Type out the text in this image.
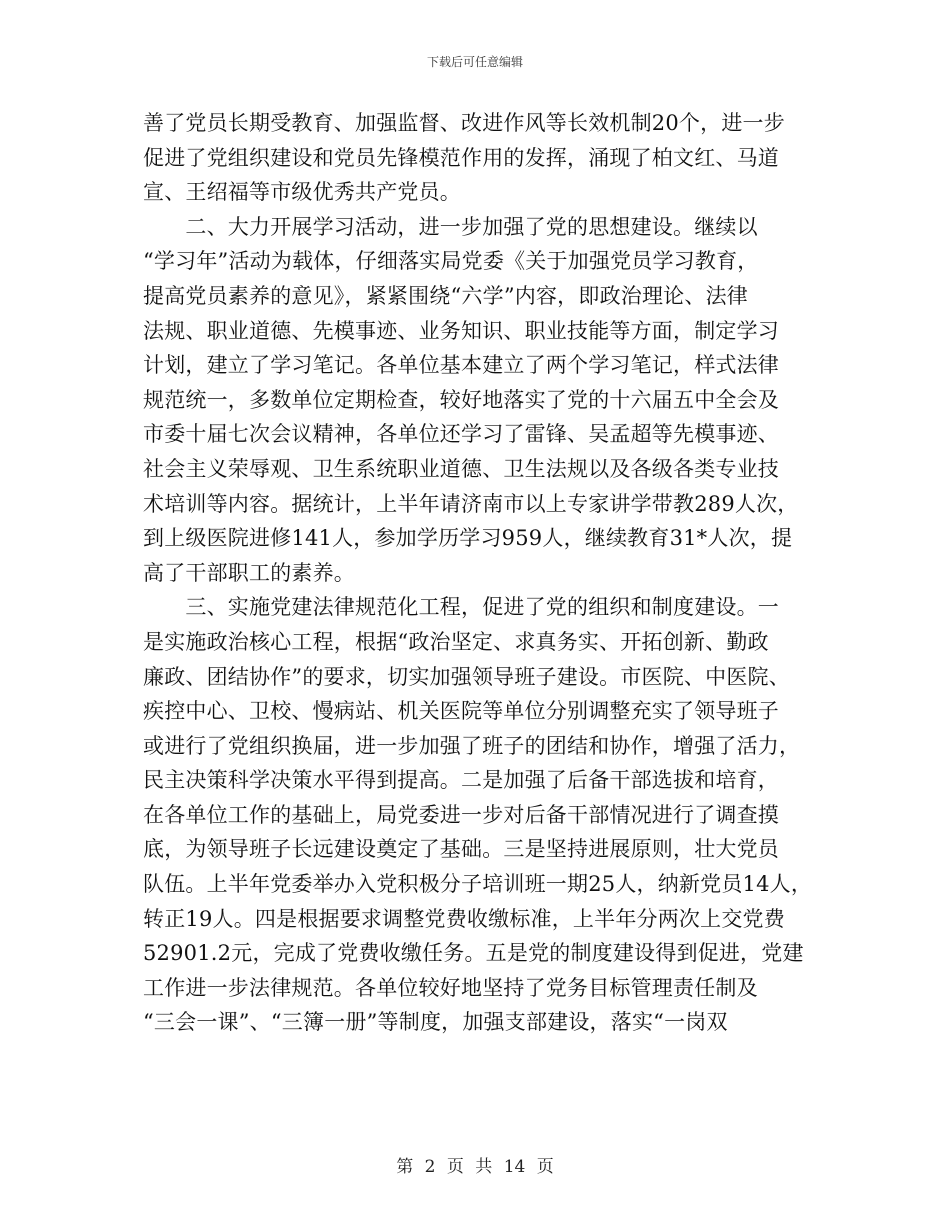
下载后可任意编辑
善了党员长期受教育、加强监督、改进作风等长效机制20个，进一步
促进了党组织建设和党员先锋模范作用的发挥，涌现了柏文红、马道
宣、王绍福等市级优秀共产党员。
　　二、大力开展学习活动，进一步加强了党的思想建设。继续以
“学习年”活动为载体，仔细落实局党委《关于加强党员学习教育，
提高党员素养的意见》，紧紧围绕“六学”内容，即政治理论、法律
法规、职业道德、先模事迹、业务知识、职业技能等方面，制定学习
计划，建立了学习笔记。各单位基本建立了两个学习笔记，样式法律
规范统一，多数单位定期检查，较好地落实了党的十六届五中全会及
市委十届七次会议精神，各单位还学习了雷锋、吴孟超等先模事迹、
社会主义荣辱观、卫生系统职业道德、卫生法规以及各级各类专业技
术培训等内容。据统计，上半年请济南市以上专家讲学带教289人次，
到上级医院进修141人，参加学历学习959人，继续教育31*人次，提
高了干部职工的素养。
　　三、实施党建法律规范化工程，促进了党的组织和制度建设。一
是实施政治核心工程，根据“政治坚定、求真务实、开拓创新、勤政
廉政、团结协作”的要求，切实加强领导班子建设。市医院、中医院、
疾控中心、卫校、慢病站、机关医院等单位分别调整充实了领导班子
或进行了党组织换届，进一步加强了班子的团结和协作，增强了活力，
民主决策科学决策水平得到提高。二是加强了后备干部选拔和培育，
在各单位工作的基础上，局党委进一步对后备干部情况进行了调查摸
底，为领导班子长远建设奠定了基础。三是坚持进展原则，壮大党员
队伍。上半年党委举办入党积极分子培训班一期25人，纳新党员14人，
转正19人。四是根据要求调整党费收缴标准，上半年分两次上交党费
52901.2元，完成了党费收缴任务。五是党的制度建设得到促进，党建
工作进一步法律规范。各单位较好地坚持了党务目标管理责任制及
“三会一课”、“三簿一册”等制度，加强支部建设，落实“一岗双
第 2 页 共 14 页
